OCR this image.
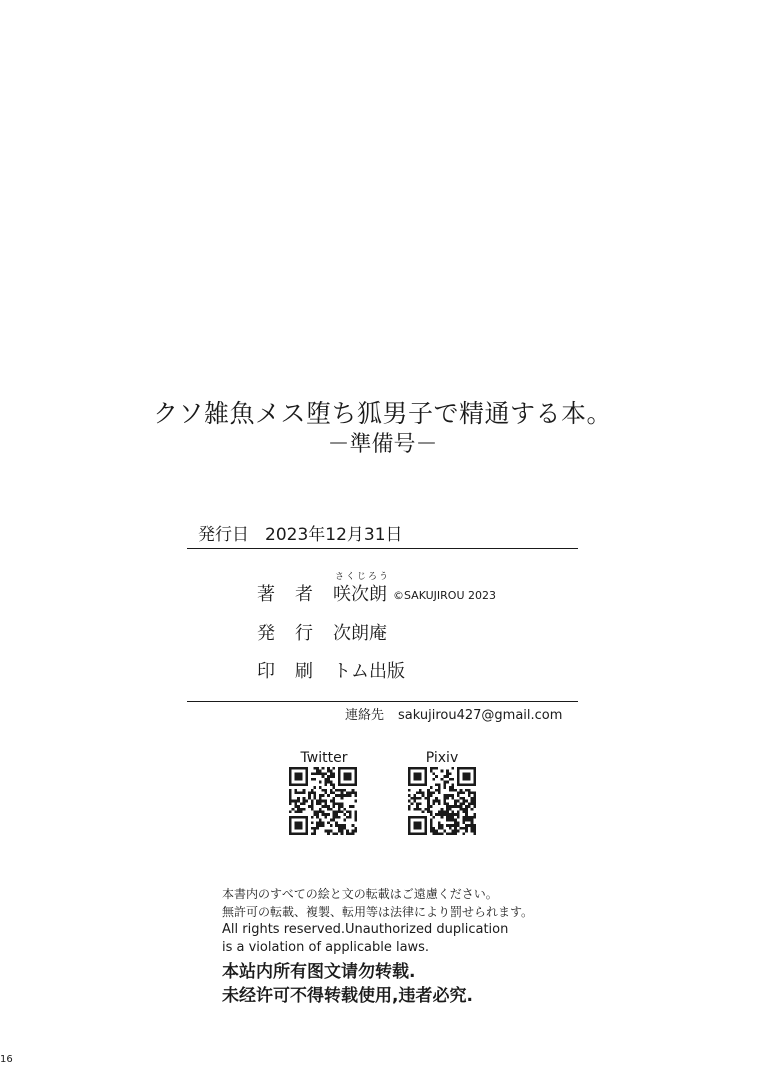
クソ雑魚メス堕ち狐男子で精通する本。
－準備号－
発行日 2023年12月31日
さくじろう
著者咲次朗 ©SAKUJIROU 2023
発行次朗庵
印刷トム出版
連絡先 sakujirou427@gmail.com
Twitter	Pixiv
本書内のすべての絵と文の転載はご遠慮ください。
無許可の転載、複製、転用等は法律により罰せられます。
All rights reserved.Unauthorized duplication
is a violation of applicable laws.
本站内所有图文请勿转载.
未经许可不得转载使用,违者必究.
16
